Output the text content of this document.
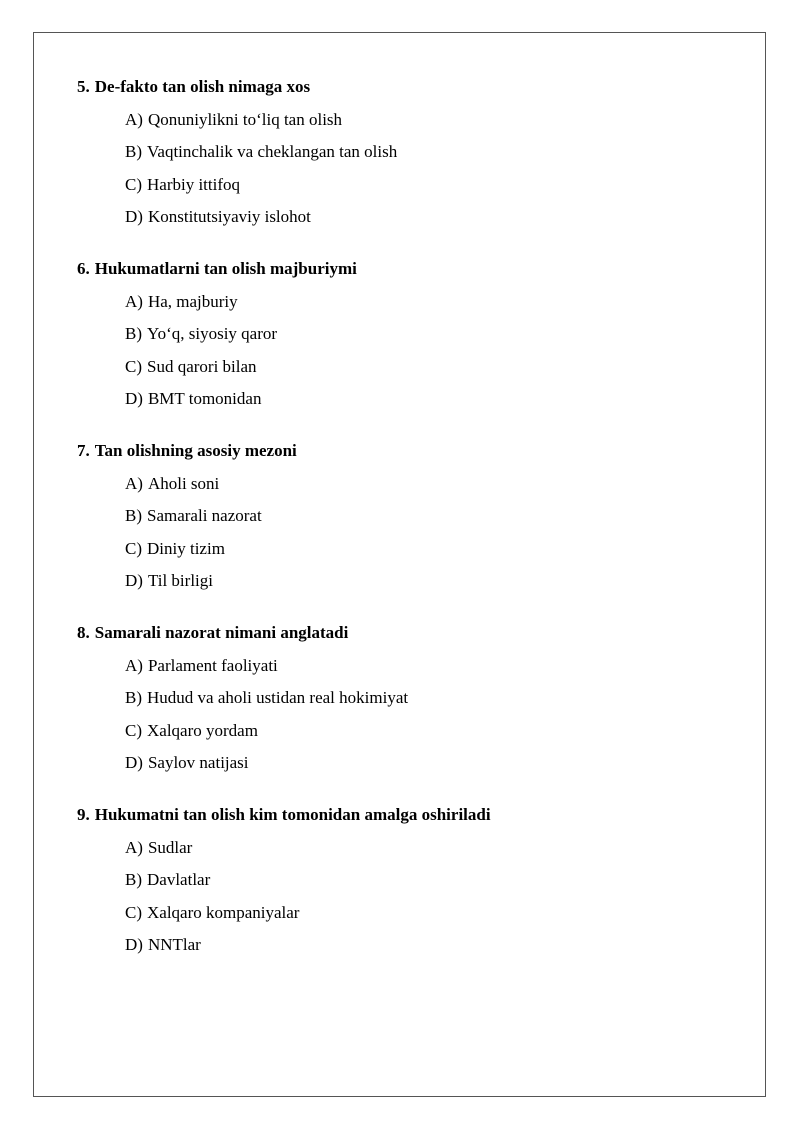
5. De-fakto tan olish nimaga xos
A) Qonuniylikni to‘liq tan olish
B) Vaqtinchalik va cheklangan tan olish
C) Harbiy ittifoq
D) Konstitutsiyaviy islohot
6. Hukumatlarni tan olish majburiymi
A) Ha, majburiy
B) Yo‘q, siyosiy qaror
C) Sud qarori bilan
D) BMT tomonidan
7. Tan olishning asosiy mezoni
A) Aholi soni
B) Samarali nazorat
C) Diniy tizim
D) Til birligi
8. Samarali nazorat nimani anglatadi
A) Parlament faoliyati
B) Hudud va aholi ustidan real hokimiyat
C) Xalqaro yordam
D) Saylov natijasi
9. Hukumatni tan olish kim tomonidan amalga oshiriladi
A) Sudlar
B) Davlatlar
C) Xalqaro kompaniyalar
D) NNTlar
